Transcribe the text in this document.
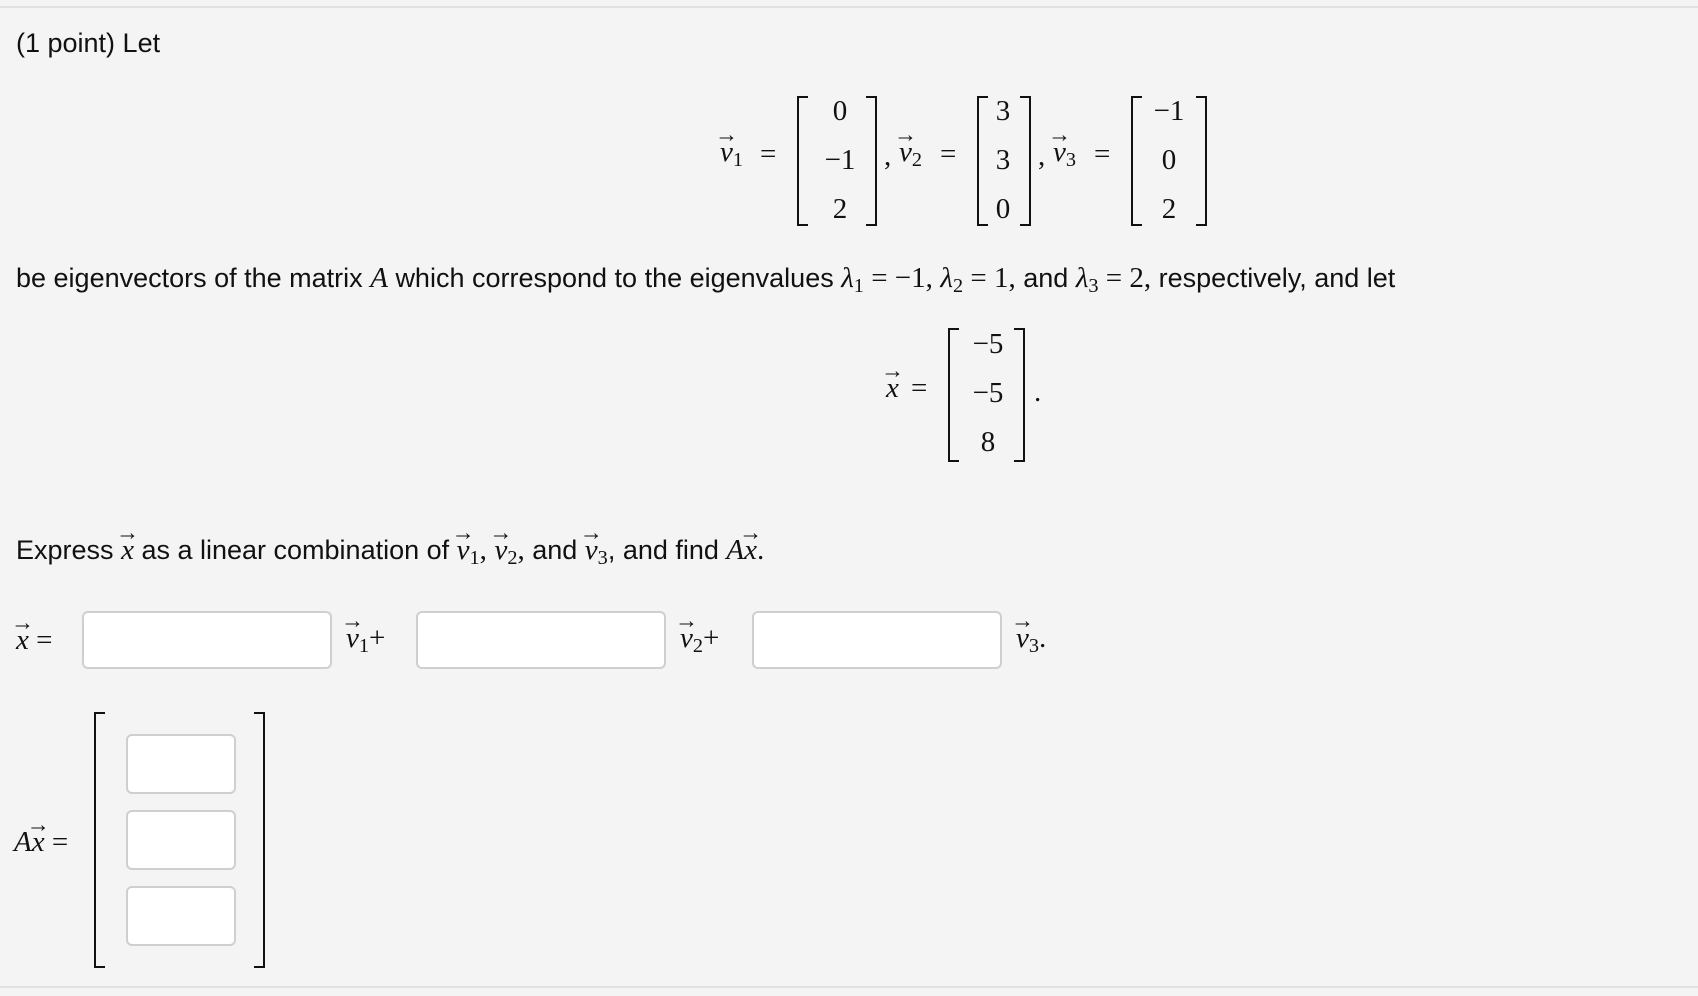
(1 point) Let
→ $v_1$ =
0
−1
2
, → $v_2$ =
3
3
0
, → $v_3$ =
−1
0
2
be eigenvectors of the matrix A which correspond to the eigenvalues $\lambda_1 = -1$, $\lambda_2 = 1$, and $\lambda_3 = 2$, respectively, and let
→ x =
−5
−5
8
.
Express → x as a linear combination of → $v_1$, → $v_2$, and → $v_3$, and find A→ x.
→ x =	→ $v_1+$	→ $v_2+$	→ $v_3$.
A→ x =
